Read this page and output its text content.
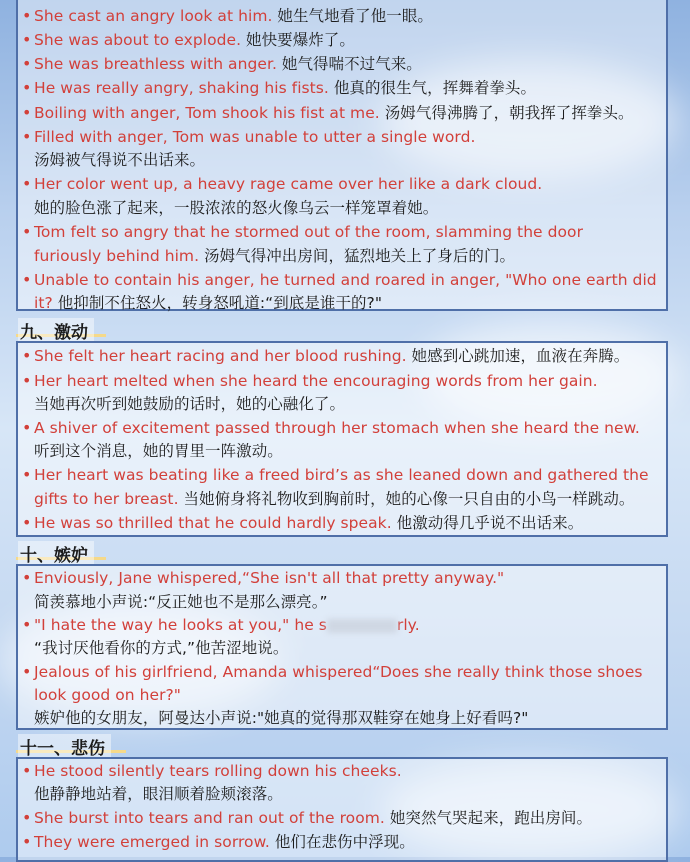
• She cast an angry look at him. 她生气地看了他一眼。
• She was about to explode. 她快要爆炸了。
• She was breathless with anger. 她气得喘不过气来。
• He was really angry, shaking his fists. 他真的很生气，挥舞着拳头。
• Boiling with anger, Tom shook his fist at me. 汤姆气得沸腾了，朝我挥了挥拳头。
• Filled with anger, Tom was unable to utter a single word.
汤姆被气得说不出话来。
• Her color went up, a heavy rage came over her like a dark cloud.
她的脸色涨了起来，一股浓浓的怒火像乌云一样笼罩着她。
• Tom felt so angry that he stormed out of the room, slamming the door
furiously behind him. 汤姆气得冲出房间，猛烈地关上了身后的门。
• Unable to contain his anger, he turned and roared in anger, "Who one earth did
it? 他抑制不住怒火，转身怒吼道:“到底是谁干的?"
九、激动
• She felt her heart racing and her blood rushing. 她感到心跳加速，血液在奔腾。
• Her heart melted when she heard the encouraging words from her gain.
当她再次听到她鼓励的话时，她的心融化了。
• A shiver of excitement passed through her stomach when she heard the new.
听到这个消息，她的胃里一阵激动。
• Her heart was beating like a freed bird’s as she leaned down and gathered the
gifts to her breast. 当她俯身将礼物收到胸前时，她的心像一只自由的小鸟一样跳动。
• He was so thrilled that he could hardly speak. 他激动得几乎说不出话来。
十、嫉妒
• Enviously, Jane whispered,“She isn't all that pretty anyway."
简羡慕地小声说:“反正她也不是那么漂亮。”
• "I hate the way he looks at you," he s	rly.
“我讨厌他看你的方式,”他苦涩地说。
• Jealous of his girlfriend, Amanda whispered“Does she really think those shoes
look good on her?"
嫉妒他的女朋友，阿曼达小声说:"她真的觉得那双鞋穿在她身上好看吗?"
十一、悲伤
• He stood silently tears rolling down his cheeks.
他静静地站着，眼泪顺着脸颊滚落。
• She burst into tears and ran out of the room. 她突然气哭起来，跑出房间。
• They were emerged in sorrow. 他们在悲伤中浮现。
